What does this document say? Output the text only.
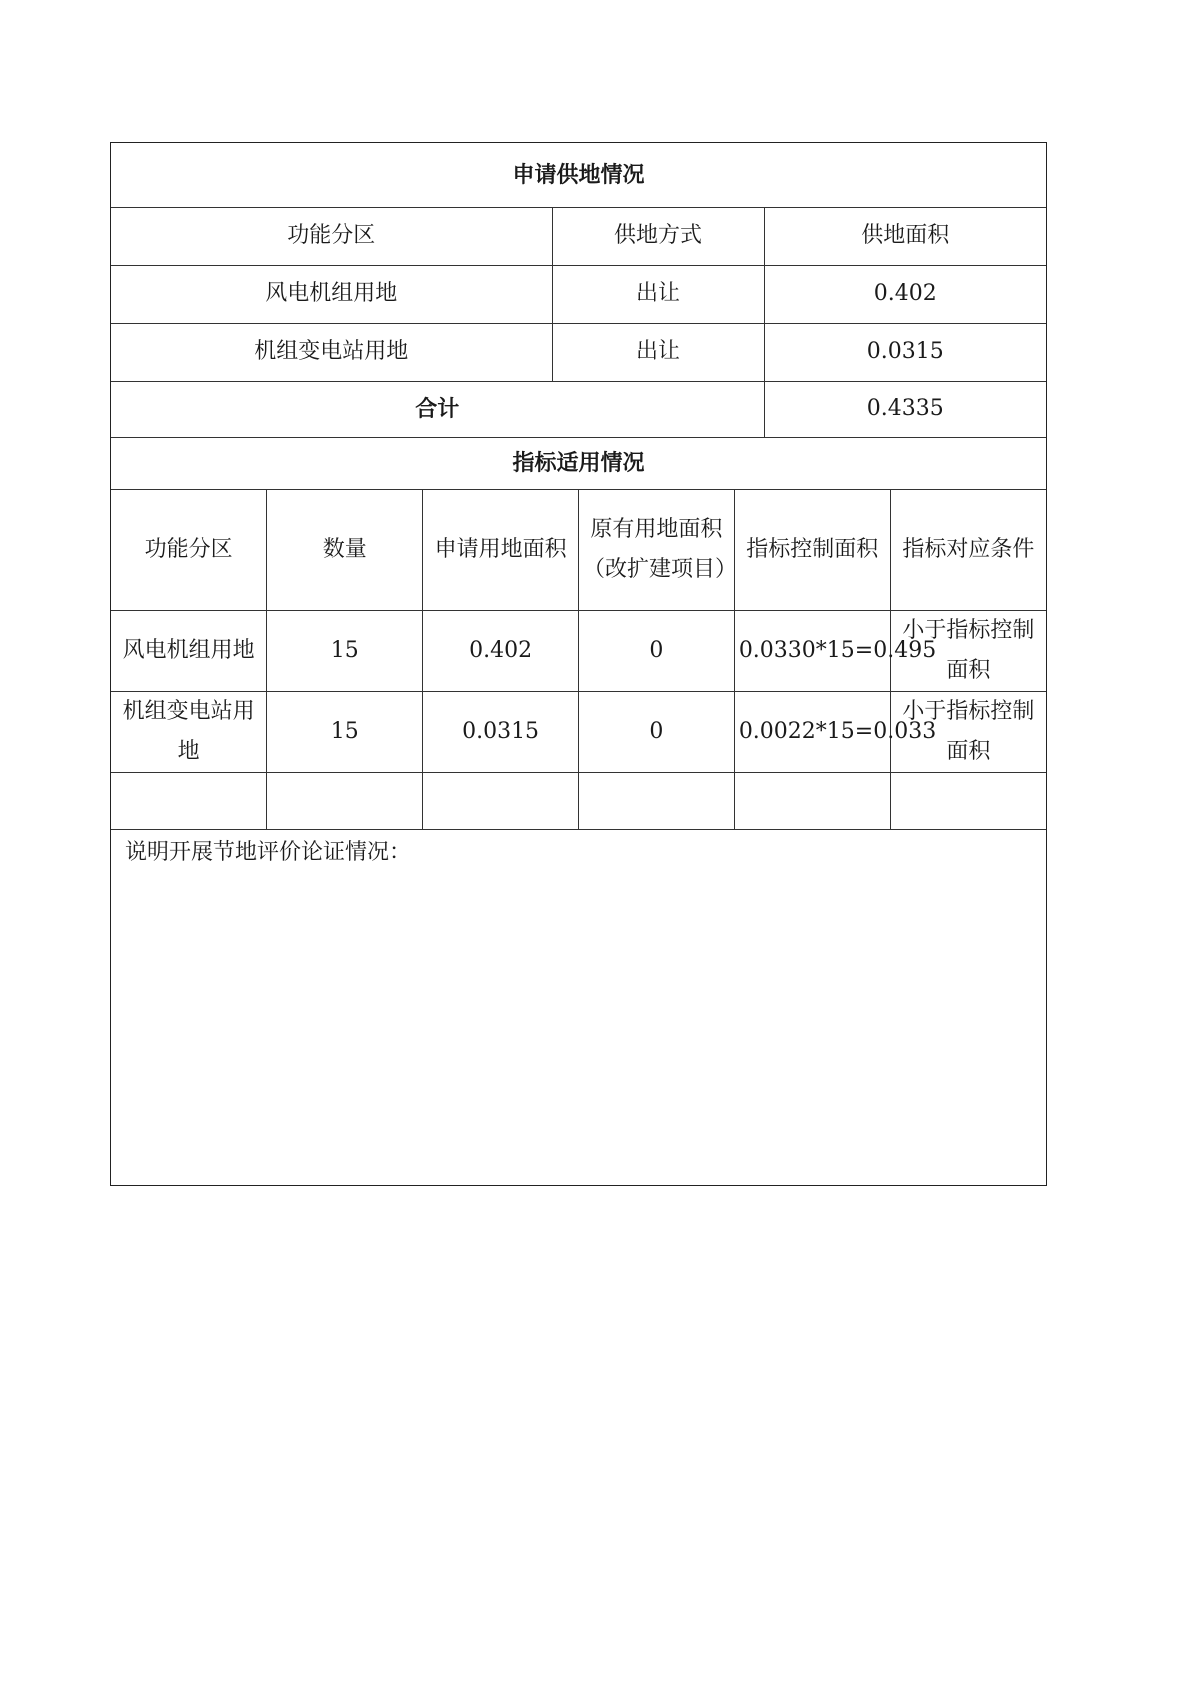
申请供地情况		
功能分区	供地方式	供地面积
风电机组用地	出让	0.402
机组变电站用地	出让	0.0315
合计		0.4335
指标适用情况					
功能分区	数量	申请用地面积	原有用地面积（改扩建项目）	指标控制面积	指标对应条件
风电机组用地	15	0.402	0	0.0330*15=0.495	小于指标控制面积
机组变电站用地	15	0.0315	0	0.0022*15=0.033	小于指标控制面积

说明开展节地评价论证情况：
